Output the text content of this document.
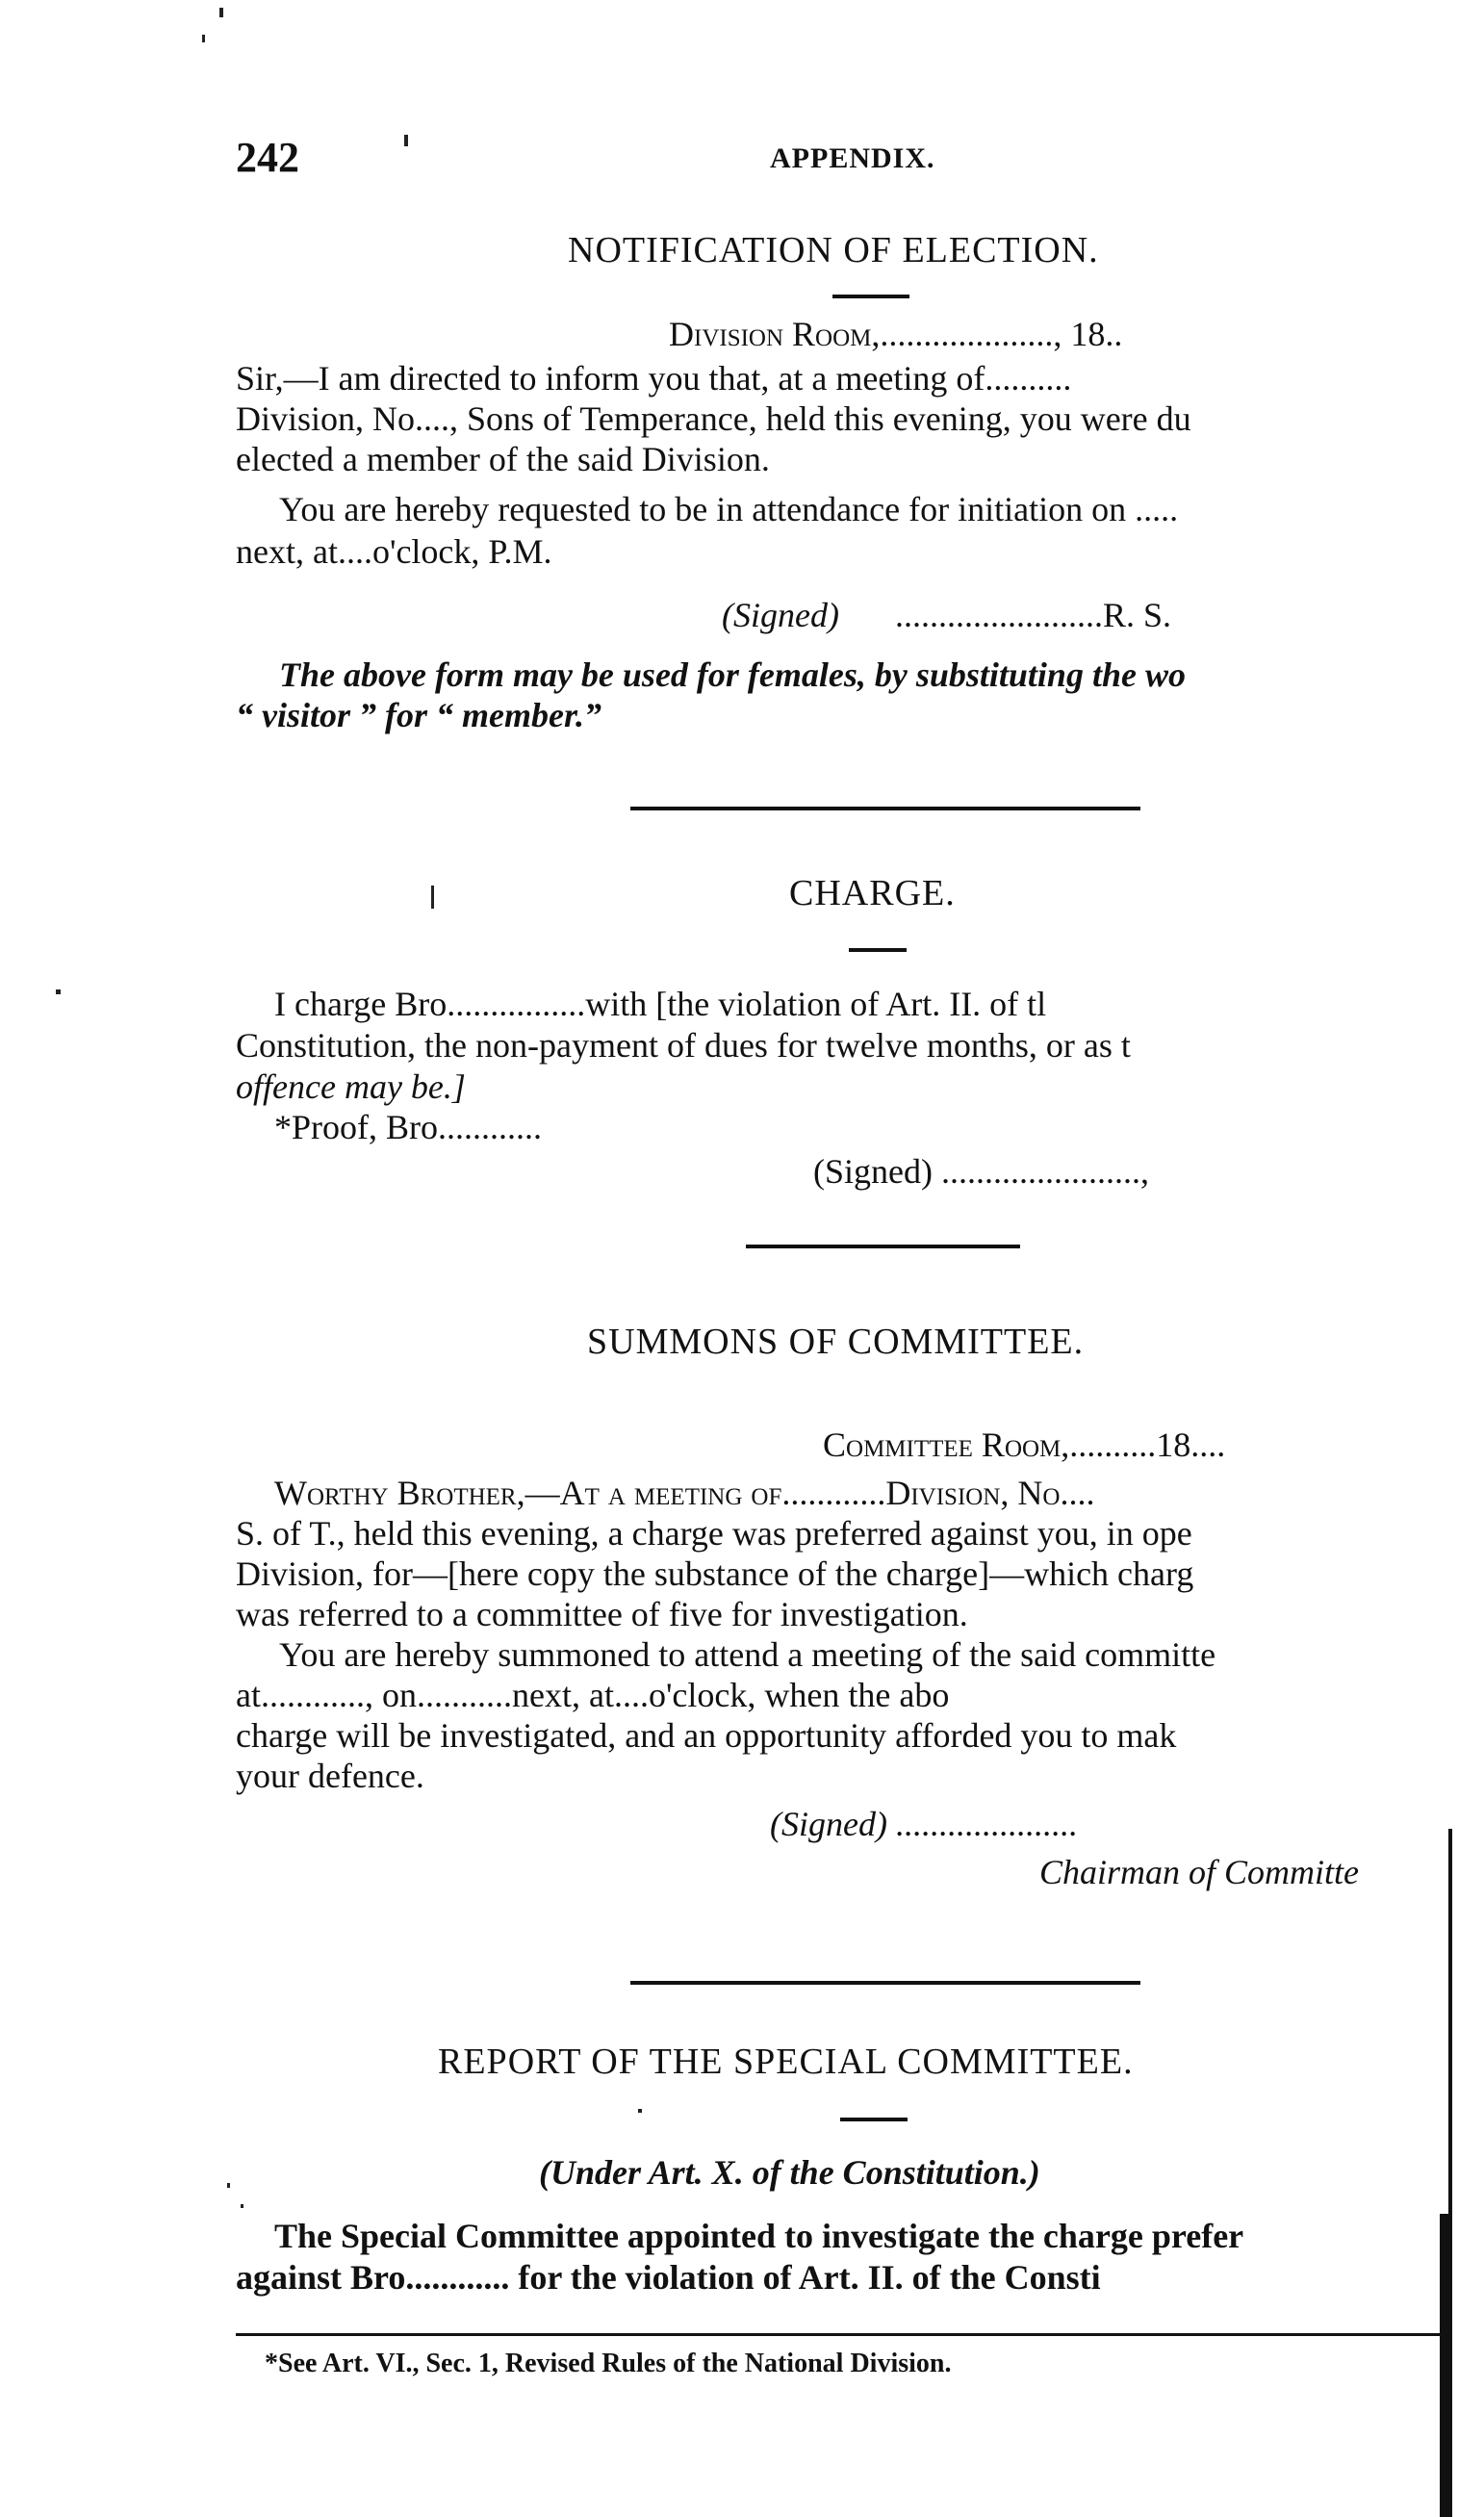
242	APPENDIX.
NOTIFICATION OF ELECTION.
Division Room,...................., 18..
Sir,—I am directed to inform you that, at a meeting of..........
Division, No...., Sons of Temperance, held this evening, you were du
elected a member of the said Division.
You are hereby requested to be in attendance for initiation on .....
next, at....o'clock, P.M.
(Signed) ........................R. S.
The above form may be used for females, by substituting the wo
“ visitor ” for “ member.”
CHARGE.
I charge Bro................with [the violation of Art. II. of tl
Constitution, the non-payment of dues for twelve months, or as t
offence may be.]
*Proof, Bro............
(Signed) .......................,
SUMMONS OF COMMITTEE.
Committee Room,..........18....
Worthy Brother,—At a meeting of............Division, No....
S. of T., held this evening, a charge was preferred against you, in ope
Division, for—[here copy the substance of the charge]—which charg
was referred to a committee of five for investigation.
You are hereby summoned to attend a meeting of the said committe
at............, on...........next, at....o'clock, when the abo
charge will be investigated, and an opportunity afforded you to mak
your defence.
(Signed) .....................
Chairman of Committe
REPORT OF THE SPECIAL COMMITTEE.
(Under Art. X. of the Constitution.)
The Special Committee appointed to investigate the charge prefer
against Bro............ for the violation of Art. II. of the Consti
*See Art. VI., Sec. 1, Revised Rules of the National Division.
